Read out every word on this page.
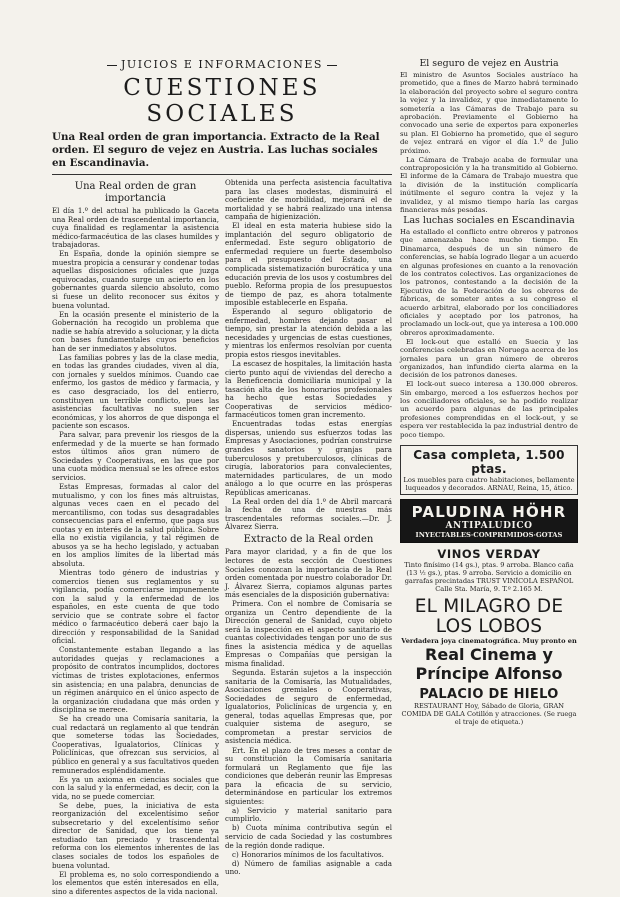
JUICIOS E INFORMACIONES
CUESTIONES SOCIALES
Una Real orden de gran importancia. Extracto de la Real orden. El seguro de vejez en Austria. Las luchas sociales en Escandinavia.
Una Real orden de gran importancia

El día 1.º del actual ha publicado la Gaceta una Real orden de trascendental importancia, cuya finalidad es reglamentar la asistencia médico-farmacéutica de las clases humildes y trabajadoras.

En España, donde la opinión siempre se muestra propicia a censurar y condenar todas aquellas disposiciones oficiales que juzga equivocadas, cuando surge un acierto en los gobernantes guarda silencio absoluto, como si fuese un delito reconocer sus éxitos y buena voluntad.

En la ocasión presente el ministerio de la Gobernación ha recogido un problema que nadie se había atrevido a solucionar, y la dicta con bases fundamentales cuyos beneficios han de ser inmediatos y absolutos.

Las familias pobres y las de la clase media, en todas las grandes ciudades, viven al día, con jornales y sueldos mínimos. Cuando cae enfermo, los gastos de médico y farmacia, y es caso desgraciado, los del entierro, constituyen un terrible conflicto, pues las asistencias facultativas no suelen ser económicas, y los ahorros de que disponga el paciente son escasos.

Para salvar, para prevenir los riesgos de la enfermedad y de la muerte se han formado estos últimos años gran número de Sociedades y Cooperativas, en las que por una cuota módica mensual se les ofrece estos servicios.

Estas Empresas, formadas al calor del mutualismo, y con los fines más altruistas, algunas veces caen en el pecado del mercantilismo, con todas sus desagradables consecuencias para el enfermo, que paga sus cuotas y en interés de la salud pública. Sobre ella no existía vigilancia, y tal régimen de abusos ya se ha hecho legislado, y actuaban en los amplios límites de la libertad más absoluta.

Mientras todo género de industrias y comercios tienen sus reglamentos y su vigilancia, podía comerciarse impunemente con la salud y la enfermedad de los españoles, en este cuenta de que todo servicio que se contrate sobre el factor médico o farmacéutico deberá caer bajo la dirección y responsabilidad de la Sanidad oficial.

Constantemente estaban llegando a las autoridades quejas y reclamaciones a propósito de contratos incumplidos, doctores víctimas de tristes explotaciones, enfermos sin asistencia; en una palabra, denuncias de un régimen anárquico en el único aspecto de la organización ciudadana que más orden y disciplina se merece.

Se ha creado una Comisaría sanitaria, la cual redactará un reglamento al que tendrán que someterse todas las Sociedades, Cooperativas, Igualatorios, Clínicas y Policlínicas, que ofrezcan sus servicios, al público en general y a sus facultativos queden remunerados espléndidamente.

Es ya un axioma en ciencias sociales que con la salud y la enfermedad, es decir, con la vida, no se puede comerciar.

Se debe, pues, la iniciativa de esta reorganización del excelentísimo señor subsecretario y del excelentísimo señor director de Sanidad, que los tiene ya estudiado tan preciado y trascendental reforma con los elementos inherentes de las clases sociales de todos los españoles de buena voluntad.

El problema es, no solo correspondiendo a los elementos que estén interesados en ella, sino a diferentes aspectos de la vida nacional.

Obtenida una perfecta asistencia facultativa para las clases modestas, disminuirá el coeficiente de morbilidad, mejorará el de mortalidad y se habrá realizado una intensa campaña de higienización.

El ideal en esta materia hubiese sido la implantación del seguro obligatorio de enfermedad. Este seguro obligatorio de enfermedad requiere un fuerte desembolso para el presupuesto del Estado, una complicada sistematización burocrática y una educación previa de los usos y costumbres del pueblo. Reforma propia de los presupuestos de tiempo de paz, es ahora totalmente imposible establecerle en España.

Esperando al seguro obligatorio de enfermedad, hombres dejando pasar el tiempo, sin prestar la atención debida a las necesidades y urgencias de estas cuestiones, y mientras los enfermos resolvían por cuenta propia estos riesgos inevitables.

La escasez de hospitales, la limitación hasta cierto punto aquí de viviendas del derecho a la Beneficencia domiciliaria municipal y la tasación alta de los honorarios profesionales ha hecho que estas Sociedades y Cooperativas de servicios médico-farmacéuticos tomen gran incremento.

Encuentradas todas estas energías dispersas, uniendo sus esfuerzos todas las Empresas y Asociaciones, podrían construirse grandes sanatorios y granjas para tuberculosos y pretuberculosos, clínicas de cirugía, laboratorios para convalecientes, maternidades particulares, de un modo análogo a lo que ocurre en las prósperas Repúblicas americanas.

La Real orden del día 1.º de Abril marcará la fecha de una de nuestras más trascendentales reformas sociales.—Dr. J. Álvarez Sierra.

Extracto de la Real orden

Para mayor claridad, y a fin de que los lectores de esta sección de Cuestiones Sociales conozcan la importancia de la Real orden comentada por nuestro colaborador Dr. J. Álvarez Sierra, copiamos algunas partes más esenciales de la disposición gubernativa:

Primera. Con el nombre de Comisaría se organiza un Centro dependiente de la Dirección general de Sanidad, cuyo objeto será la inspección en el aspecto sanitario de cuantas colectividades tengan por uno de sus fines la asistencia médica y de aquellas Empresas o Compañías que persigan la misma finalidad.

Segunda. Estarán sujetos a la inspección sanitaria de la Comisaría, las Mutualidades, Asociaciones gremiales o Cooperativas, Sociedades de seguro de enfermedad, Igualatorios, Policlínicas de urgencia y, en general, todas aquellas Empresas que, por cualquier sistema de aseguro, se comprometan a prestar servicios de asistencia médica.

Ert. En el plazo de tres meses a contar de su constitución la Comisaría sanitaria formulará un Reglamento que fije las condiciones que deberán reunir las Empresas para la eficacia de su servicio, determinándose en particular los extremos siguientes:

a) Servicio y material sanitario para cumplirlo.

b) Cuota mínima contributiva según el servicio de cada Sociedad y las costumbres de la región donde radique.

c) Honorarios mínimos de los facultativos.

d) Número de familias asignable a cada uno.

El seguro de vejez en Austria

El ministro de Asuntos Sociales austríaco ha prometido, que a fines de Marzo habrá terminado la elaboración del proyecto sobre el seguro contra la vejez y la invalidez, y que inmediatamente lo sometería a las Cámaras de Trabajo para su aprobación. Previamente el Gobierno ha convocado una serie de expertos para exponerles su plan. El Gobierno ha prometido, que el seguro de vejez entrará en vigor el día 1.º de Julio próximo.

La Cámara de Trabajo acaba de formular una contraproposición y la ha transmitido al Gobierno. El informe de la Cámara de Trabajo muestra que la división de la institución complicaría inútilmente el seguro contra la vejez y la invalidez, y al mismo tiempo haría las cargas financieras más pesadas.

Las luchas sociales en Escandinavia

Ha estallado el conflicto entre obreros y patronos que amenazaba hace mucho tiempo. En Dinamarca, después de un sin número de conferencias, se había logrado llegar a un acuerdo en algunas profesiones en cuanto a la renovación de los contratos colectivos. Las organizaciones de los patronos, contestando a la decisión de la Ejecutiva de la Federación de los obreros de fábricas, de someter antes a su congreso el acuerdo arbitral, elaborado por los conciliadores oficiales y aceptado por los patronos, ha proclamado un lock-out, que ya interesa a 100.000 obreros aproximadamente.

El lock-out que estalló en Suecia y las conferencias celebradas en Noruega acerca de los jornales para un gran número de obreros organizados, han infundido cierta alarma en la decisión de los patronos daneses.

El lock-out sueco interesa a 130.000 obreros. Sin embargo, merced a los esfuerzos hechos por los conciliadores oficiales, se ha podido realizar un acuerdo para algunas de las principales profesiones comprendidas en el lock-out, y se espera ver restablecida la paz industrial dentro de poco tiempo.

Casa completa, 1.500 ptas.
Los muebles para cuatro habitaciones, bellamente luqueados y decorados. ARNAU, Reina, 15, ático.
PALUDINA HÖHR
ANTIPALUDICO
INYECTABLES·COMPRIMIDOS·GOTAS
VINOS VERDAY
Tinto finísimo (14 gs.), ptas. 9 arroba. Blanco caña (13 ½ gs.), ptas. 9 arroba. Servicio a domicilio en garrafas precintadas TRUST VINÍCOLA ESPAÑOL Calle Sta. María, 9. T.º 2.165 M.
EL MILAGRO DE LOS LOBOS
Verdadera joya cinematográfica. Muy pronto en
Real Cinema y
Príncipe Alfonso
PALACIO DE HIELO
RESTAURANT Hoy, Sábado de Gloria, GRAN COMIDA DE GALA Cotillón y atracciones. (Se ruega el traje de etiqueta.)
